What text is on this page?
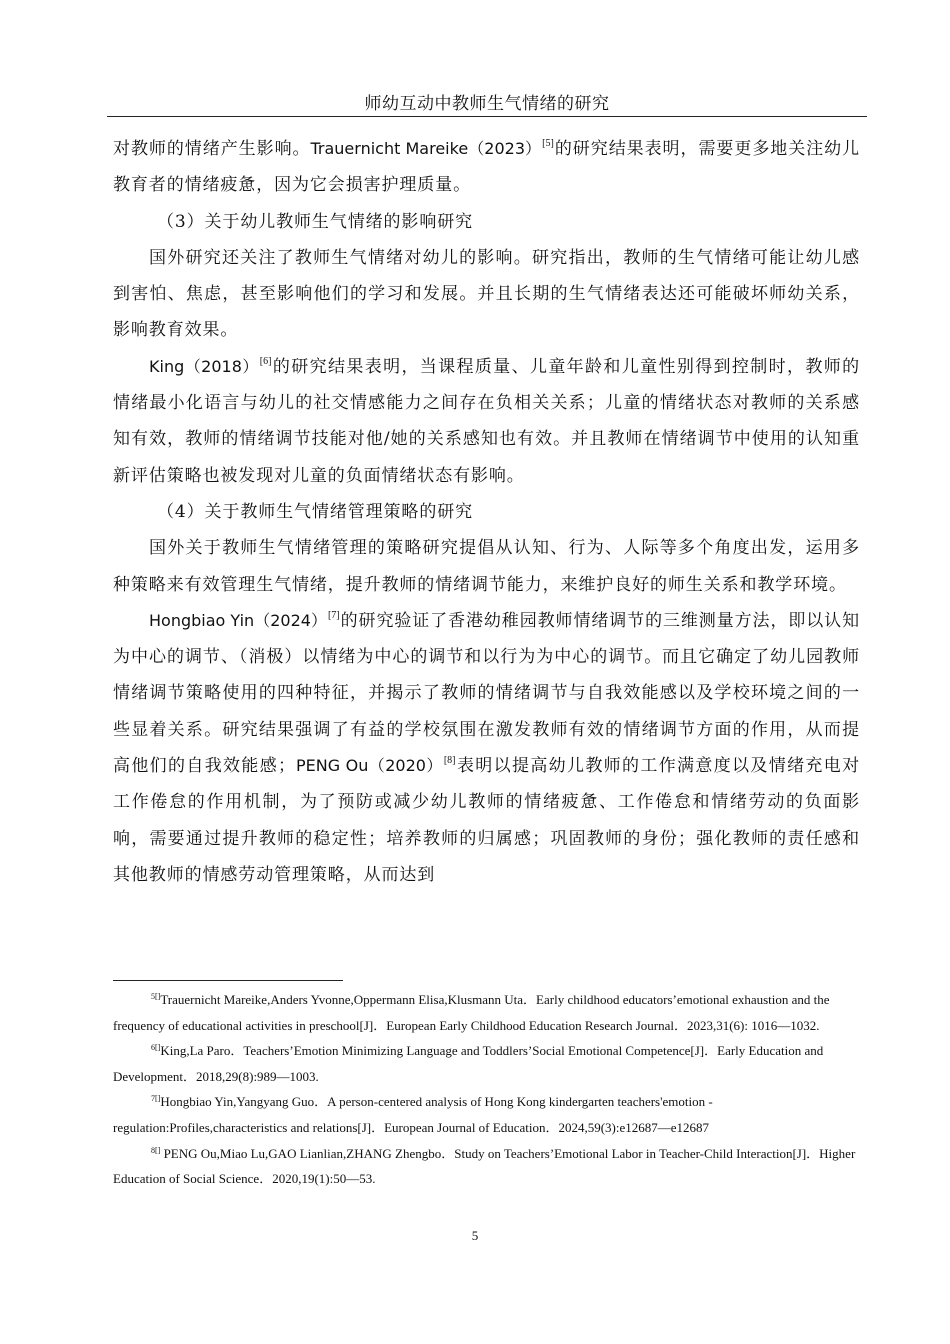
师幼互动中教师生气情绪的研究

对教师的情绪产生影响。Trauernicht Mareike（2023）[5]的研究结果表明，需要更多地关注幼儿教育者的情绪疲惫，因为它会损害护理质量。

（3）关于幼儿教师生气情绪的影响研究

国外研究还关注了教师生气情绪对幼儿的影响。研究指出，教师的生气情绪可能让幼儿感到害怕、焦虑，甚至影响他们的学习和发展。并且长期的生气情绪表达还可能破坏师幼关系，影响教育效果。

King（2018）[6]的研究结果表明，当课程质量、儿童年龄和儿童性别得到控制时，教师的情绪最小化语言与幼儿的社交情感能力之间存在负相关关系；儿童的情绪状态对教师的关系感知有效，教师的情绪调节技能对他/她的关系感知也有效。并且教师在情绪调节中使用的认知重新评估策略也被发现对儿童的负面情绪状态有影响。

（4）关于教师生气情绪管理策略的研究

国外关于教师生气情绪管理的策略研究提倡从认知、行为、人际等多个角度出发，运用多种策略来有效管理生气情绪，提升教师的情绪调节能力，来维护良好的师生关系和教学环境。

Hongbiao Yin（2024）[7]的研究验证了香港幼稚园教师情绪调节的三维测量方法，即以认知为中心的调节、（消极）以情绪为中心的调节和以行为为中心的调节。而且它确定了幼儿园教师情绪调节策略使用的四种特征，并揭示了教师的情绪调节与自我效能感以及学校环境之间的一些显着关系。研究结果强调了有益的学校氛围在激发教师有效的情绪调节方面的作用，从而提高他们的自我效能感；PENG Ou（2020）[8]表明以提高幼儿教师的工作满意度以及情绪充电对工作倦怠的作用机制，为了预防或减少幼儿教师的情绪疲惫、工作倦怠和情绪劳动的负面影响，需要通过提升教师的稳定性；培养教师的归属感；巩固教师的身份；强化教师的责任感和其他教师的情感劳动管理策略，从而达到

$^{5[]}$Trauernicht Mareike,Anders Yvonne,Oppermann Elisa,Klusmann Uta．Early childhood educators’emotional exhaustion and the frequency of educational activities in preschool[J]．European Early Childhood Education Research Journal．2023,31(6): 1016—1032.

$^{6[]}$King,La Paro．Teachers’Emotion Minimizing Language and Toddlers’Social Emotional Competence[J]．Early Education and Development．2018,29(8):989—1003.

$^{7[]}$Hongbiao Yin,Yangyang Guo．A person-centered analysis of Hong Kong kindergarten teachers'emotion -regulation:Profiles,characteristics and relations[J]．European Journal of Education．2024,59(3):e12687—e12687

$^{8[]}$ PENG Ou,Miao Lu,GAO Lianlian,ZHANG Zhengbo．Study on Teachers’Emotional Labor in Teacher-Child Interaction[J]．Higher Education of Social Science．2020,19(1):50—53.

5
